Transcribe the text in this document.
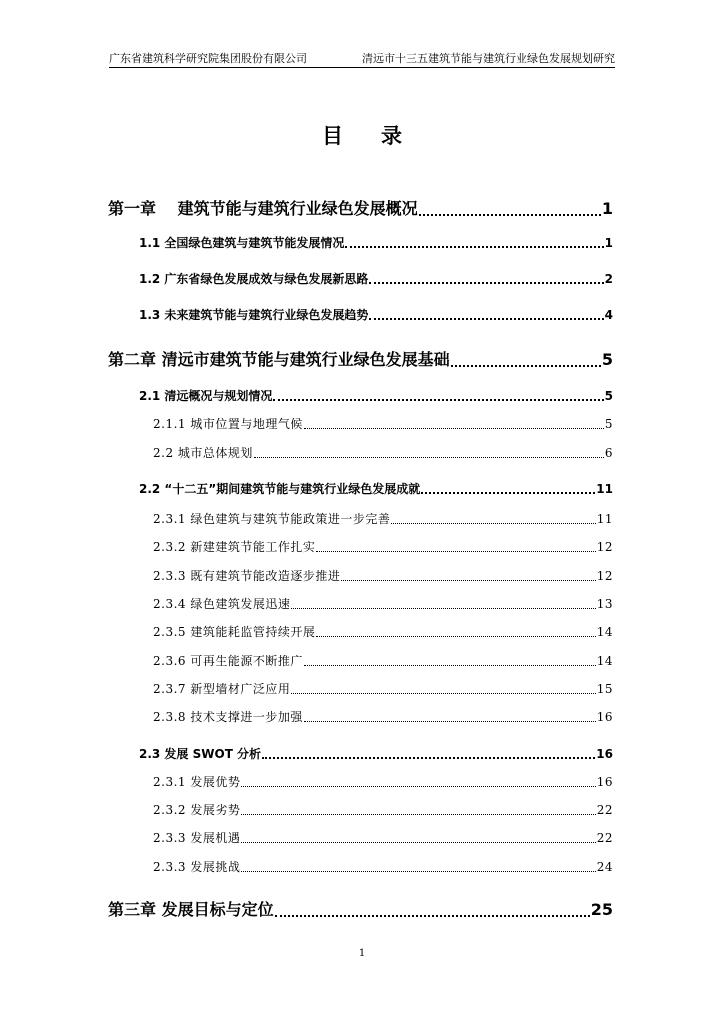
广东省建筑科学研究院集团股份有限公司	清远市十三五建筑节能与建筑行业绿色发展规划研究
目录
第一章　 建筑节能与建筑行业绿色发展概况	1
1.1 全国绿色建筑与建筑节能发展情况	1
1.2 广东省绿色发展成效与绿色发展新思路	2
1.3 未来建筑节能与建筑行业绿色发展趋势	4
第二章 清远市建筑节能与建筑行业绿色发展基础	5
2.1 清远概况与规划情况	5
2.1.1 城市位置与地理气候	5
2.2 城市总体规划	6
2.2 “十二五”期间建筑节能与建筑行业绿色发展成就	11
2.3.1 绿色建筑与建筑节能政策进一步完善	11
2.3.2 新建建筑节能工作扎实	12
2.3.3 既有建筑节能改造逐步推进	12
2.3.4 绿色建筑发展迅速	13
2.3.5 建筑能耗监管持续开展	14
2.3.6 可再生能源不断推广	14
2.3.7 新型墙材广泛应用	15
2.3.8 技术支撑进一步加强	16
2.3 发展 SWOT 分析	16
2.3.1 发展优势	16
2.3.2 发展劣势	22
2.3.3 发展机遇	22
2.3.3 发展挑战	24
第三章 发展目标与定位	25
1
